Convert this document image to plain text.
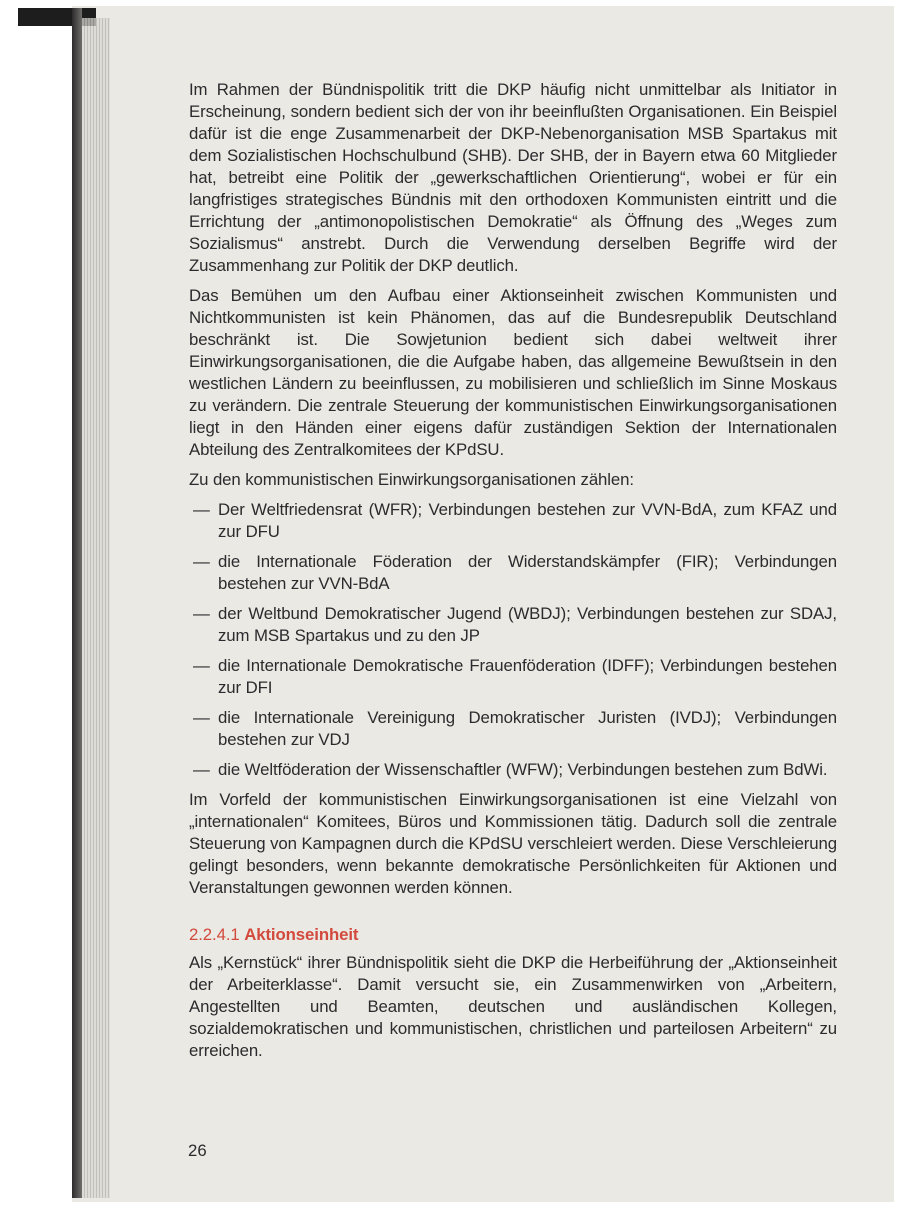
Im Rahmen der Bündnispolitik tritt die DKP häufig nicht unmittelbar als Initiator in Erscheinung, sondern bedient sich der von ihr beeinflußten Organisationen. Ein Beispiel dafür ist die enge Zusammenarbeit der DKP-Nebenorganisation MSB Spartakus mit dem Sozialistischen Hochschulbund (SHB). Der SHB, der in Bayern etwa 60 Mitglieder hat, betreibt eine Politik der „gewerkschaftlichen Orientierung“, wobei er für ein langfristiges strategisches Bündnis mit den orthodoxen Kommunisten eintritt und die Errichtung der „antimonopolistischen Demokratie“ als Öffnung des „Weges zum Sozialismus“ anstrebt. Durch die Verwendung derselben Begriffe wird der Zusammenhang zur Politik der DKP deutlich.

Das Bemühen um den Aufbau einer Aktionseinheit zwischen Kommunisten und Nichtkommunisten ist kein Phänomen, das auf die Bundesrepublik Deutschland beschränkt ist. Die Sowjetunion bedient sich dabei weltweit ihrer Einwirkungsorganisationen, die die Aufgabe haben, das allgemeine Bewußtsein in den westlichen Ländern zu beeinflussen, zu mobilisieren und schließlich im Sinne Moskaus zu verändern. Die zentrale Steuerung der kommunistischen Einwirkungsorganisationen liegt in den Händen einer eigens dafür zuständigen Sektion der Internationalen Abteilung des Zentralkomitees der KPdSU.

Zu den kommunistischen Einwirkungsorganisationen zählen:

— Der Weltfriedensrat (WFR); Verbindungen bestehen zur VVN-BdA, zum KFAZ und zur DFU
— die Internationale Föderation der Widerstandskämpfer (FIR); Verbindungen bestehen zur VVN-BdA
— der Weltbund Demokratischer Jugend (WBDJ); Verbindungen bestehen zur SDAJ, zum MSB Spartakus und zu den JP
— die Internationale Demokratische Frauenföderation (IDFF); Verbindungen bestehen zur DFI
— die Internationale Vereinigung Demokratischer Juristen (IVDJ); Verbindungen bestehen zur VDJ
— die Weltföderation der Wissenschaftler (WFW); Verbindungen bestehen zum BdWi.

Im Vorfeld der kommunistischen Einwirkungsorganisationen ist eine Vielzahl von „internationalen“ Komitees, Büros und Kommissionen tätig. Dadurch soll die zentrale Steuerung von Kampagnen durch die KPdSU verschleiert werden. Diese Verschleierung gelingt besonders, wenn bekannte demokratische Persönlichkeiten für Aktionen und Veranstaltungen gewonnen werden können.

2.2.4.1 Aktionseinheit

Als „Kernstück“ ihrer Bündnispolitik sieht die DKP die Herbeiführung der „Aktionseinheit der Arbeiterklasse“. Damit versucht sie, ein Zusammenwirken von „Arbeitern, Angestellten und Beamten, deutschen und ausländischen Kollegen, sozialdemokratischen und kommunistischen, christlichen und parteilosen Arbeitern“ zu erreichen.

26
